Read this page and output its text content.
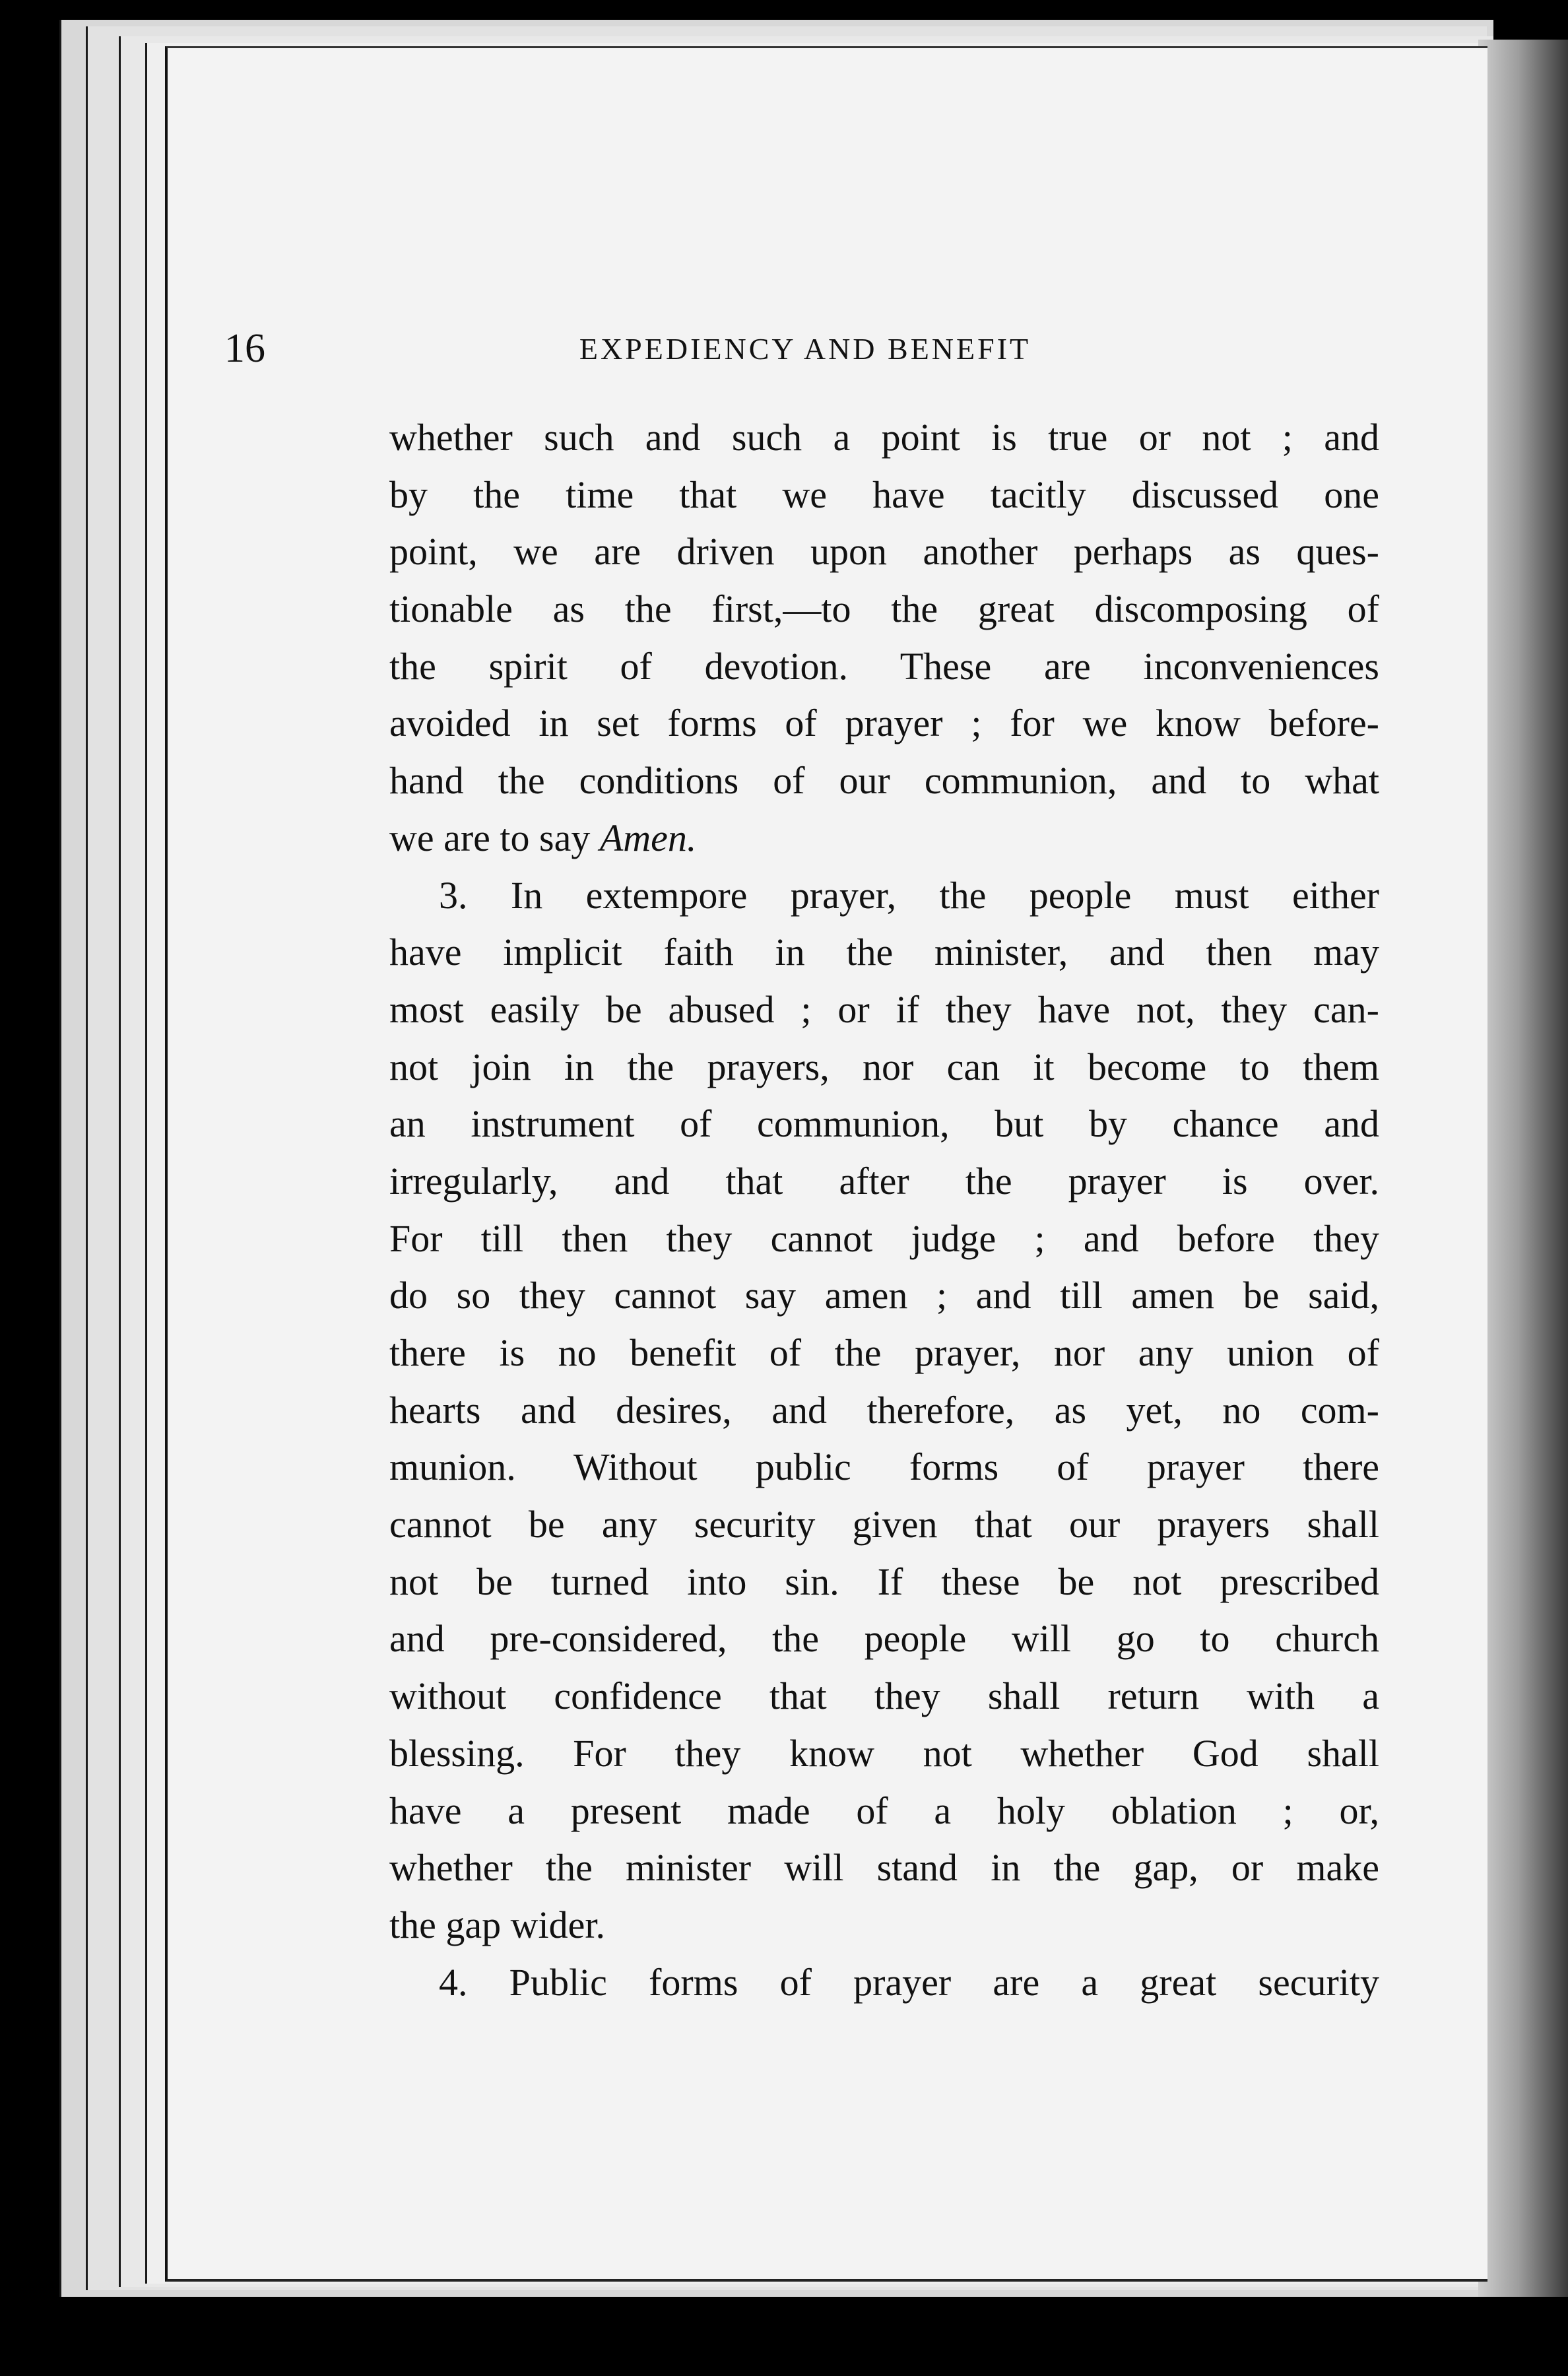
16	EXPEDIENCY AND BENEFIT
whether such and such a point is true or not ; and
by the time that we have tacitly discussed one
point, we are driven upon another perhaps as ques-
tionable as the first,—to the great discomposing of
the spirit of devotion. These are inconveniences
avoided in set forms of prayer ; for we know before-
hand the conditions of our communion, and to what
we are to say Amen.
3. In extempore prayer, the people must either
have implicit faith in the minister, and then may
most easily be abused ; or if they have not, they can-
not join in the prayers, nor can it become to them
an instrument of communion, but by chance and
irregularly, and that after the prayer is over.
For till then they cannot judge ; and before they
do so they cannot say amen ; and till amen be said,
there is no benefit of the prayer, nor any union of
hearts and desires, and therefore, as yet, no com-
munion. Without public forms of prayer there
cannot be any security given that our prayers shall
not be turned into sin. If these be not prescribed
and pre-considered, the people will go to church
without confidence that they shall return with a
blessing. For they know not whether God shall
have a present made of a holy oblation ; or,
whether the minister will stand in the gap, or make
the gap wider.
4. Public forms of prayer are a great security
